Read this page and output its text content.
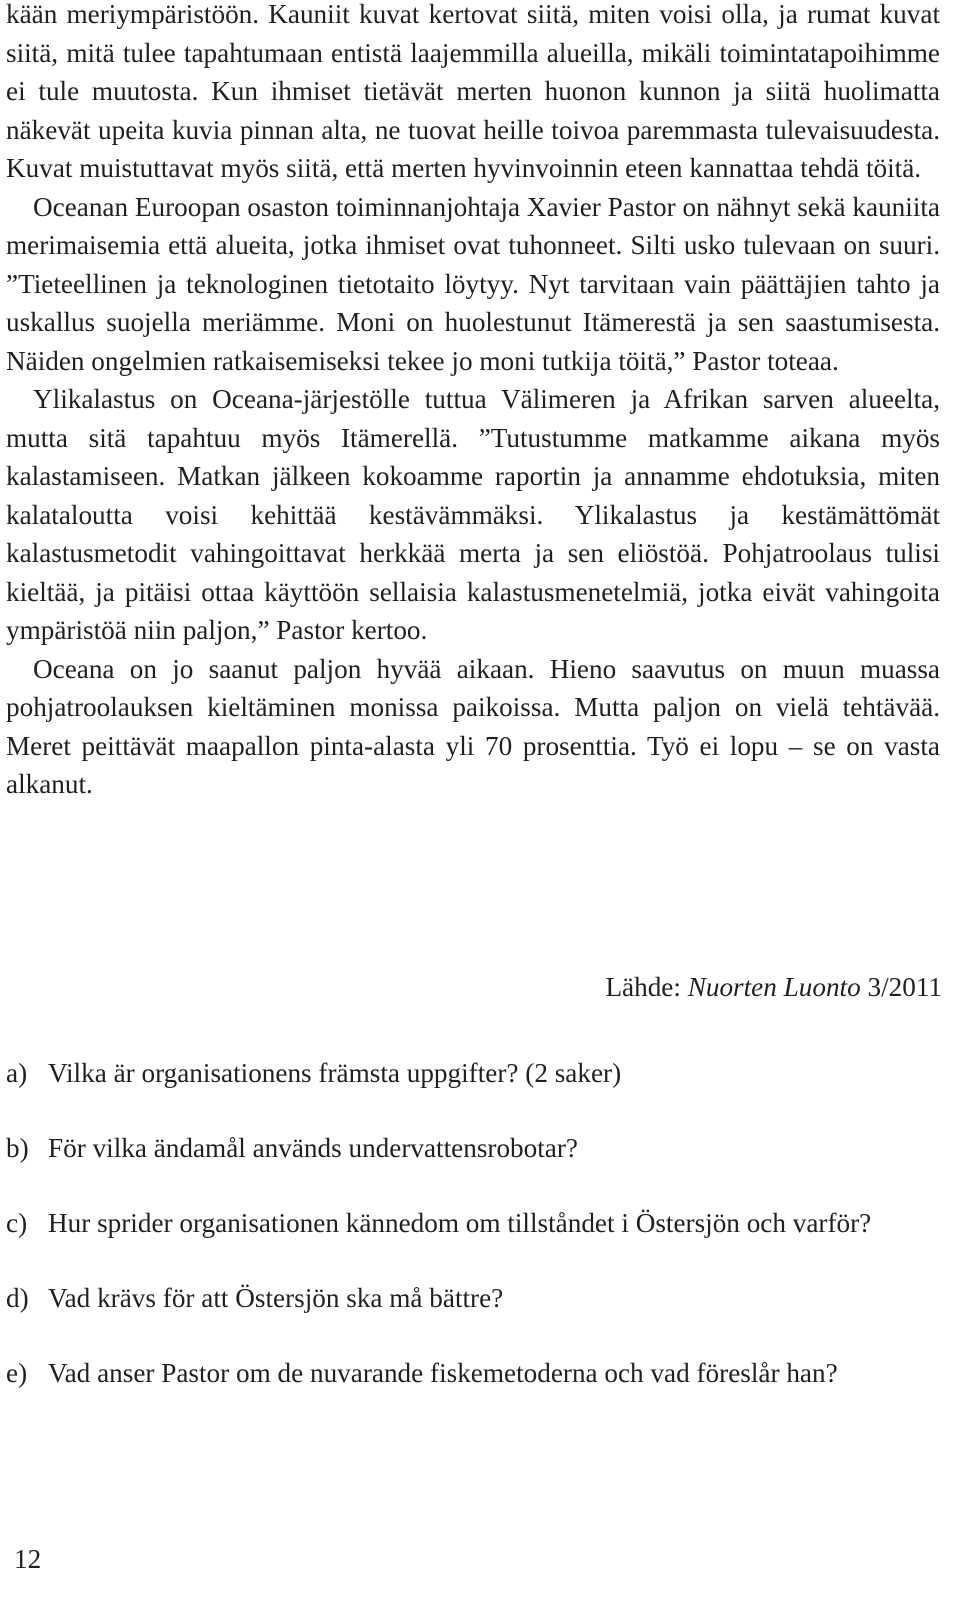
kään meriympäristöön. Kauniit kuvat kertovat siitä, miten voisi olla, ja rumat kuvat siitä, mitä tulee tapahtumaan entistä laajemmilla alueilla, mikäli toimintatapoihimme ei tule muutosta. Kun ihmiset tietävät merten huonon kunnon ja siitä huolimatta näkevät upeita kuvia pinnan alta, ne tuovat heille toivoa paremmasta tulevaisuudesta. Kuvat muistuttavat myös siitä, että merten hyvinvoinnin eteen kannattaa tehdä töitä.

Oceanan Euroopan osaston toiminnanjohtaja Xavier Pastor on nähnyt sekä kauniita merimaisemia että alueita, jotka ihmiset ovat tuhonneet. Silti usko tulevaan on suuri. ”Tieteellinen ja teknologinen tietotaito löytyy. Nyt tarvitaan vain päättäjien tahto ja uskallus suojella meriämme. Moni on huolestunut Itämerestä ja sen saastumisesta. Näiden ongelmien ratkaisemiseksi tekee jo moni tutkija töitä,” Pastor toteaa.

Ylikalastus on Oceana-järjestölle tuttua Välimeren ja Afrikan sarven alueelta, mutta sitä tapahtuu myös Itämerellä. ”Tutustumme matkamme aikana myös kalastamiseen. Matkan jälkeen kokoamme raportin ja annamme ehdotuksia, miten kalataloutta voisi kehittää kestävämmäksi. Ylikalastus ja kestämättömät kalastusmetodit vahingoittavat herkkää merta ja sen eliöstöä. Pohjatroolaus tulisi kieltää, ja pitäisi ottaa käyttöön sellaisia kalastusmenetelmiä, jotka eivät vahingoita ympäristöä niin paljon,” Pastor kertoo.

Oceana on jo saanut paljon hyvää aikaan. Hieno saavutus on muun muassa pohjatroolauksen kieltäminen monissa paikoissa. Mutta paljon on vielä tehtävää. Meret peittävät maapallon pinta-alasta yli 70 prosenttia. Työ ei lopu – se on vasta alkanut.

Lähde: Nuorten Luonto 3/2011
a) Vilka är organisationens främsta uppgifter? (2 saker)
b) För vilka ändamål används undervattensrobotar?
c) Hur sprider organisationen kännedom om tillståndet i Östersjön och varför?
d) Vad krävs för att Östersjön ska må bättre?
e) Vad anser Pastor om de nuvarande fiskemetoderna och vad föreslår han?
12
